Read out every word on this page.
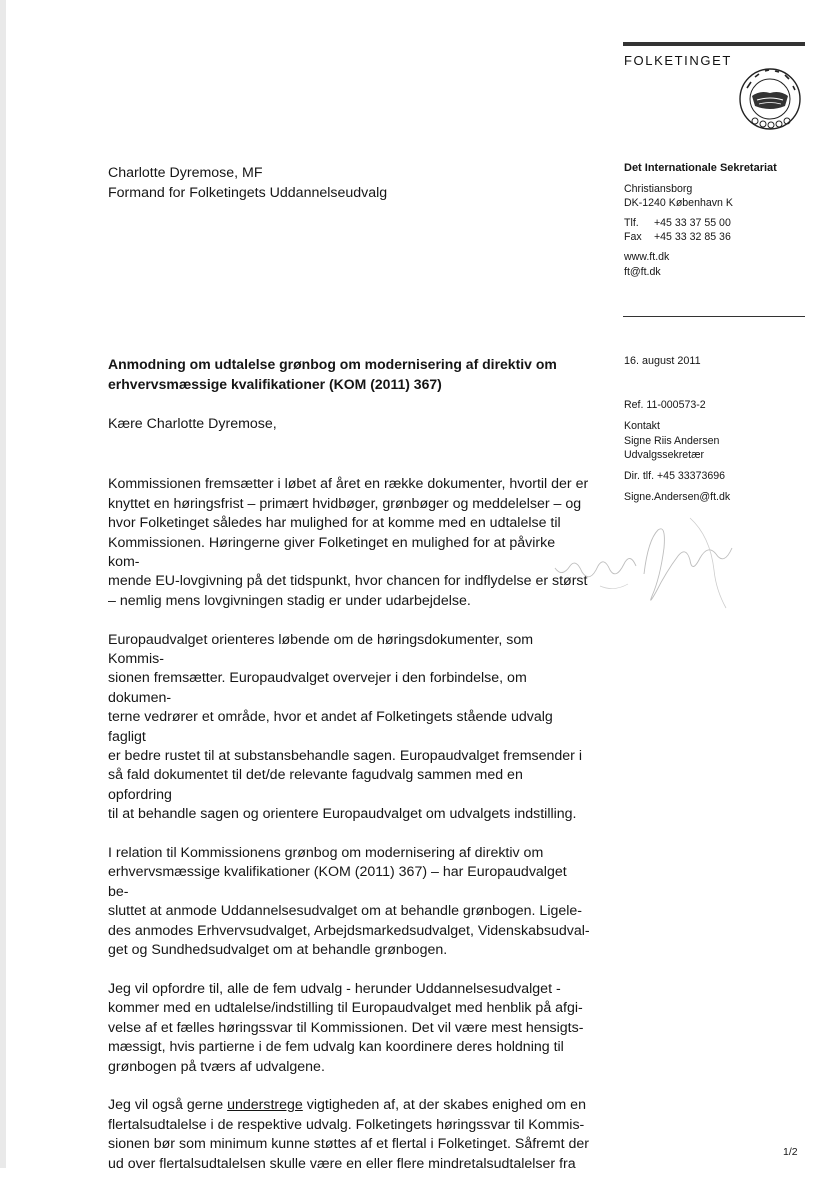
FOLKETINGET
Charlotte Dyremose, MF
Formand for Folketingets Uddannelseudvalg
Det Internationale Sekretariat
Christiansborg
DK-1240 København K
Tlf. +45 33 37 55 00
Fax +45 33 32 85 36
www.ft.dk
ft@ft.dk
16. august 2011
Ref. 11-000573-2
Kontakt
Signe Riis Andersen
Udvalgssekretær
Dir. tlf. +45 33373696
Signe.Andersen@ft.dk
Anmodning om udtalelse grønbog om modernisering af direktiv om
erhvervsmæssige kvalifikationer (KOM (2011) 367)
Kære Charlotte Dyremose,

Kommissionen fremsætter i løbet af året en række dokumenter, hvortil der er
knyttet en høringsfrist – primært hvidbøger, grønbøger og meddelelser – og
hvor Folketinget således har mulighed for at komme med en udtalelse til
Kommissionen. Høringerne giver Folketinget en mulighed for at påvirke kom-
mende EU-lovgivning på det tidspunkt, hvor chancen for indflydelse er størst
– nemlig mens lovgivningen stadig er under udarbejdelse.

Europaudvalget orienteres løbende om de høringsdokumenter, som Kommis-
sionen fremsætter. Europaudvalget overvejer i den forbindelse, om dokumen-
terne vedrører et område, hvor et andet af Folketingets stående udvalg fagligt
er bedre rustet til at substansbehandle sagen. Europaudvalget fremsender i
så fald dokumentet til det/de relevante fagudvalg sammen med en opfordring
til at behandle sagen og orientere Europaudvalget om udvalgets indstilling.

I relation til Kommissionens grønbog om modernisering af direktiv om
erhvervsmæssige kvalifikationer (KOM (2011) 367) – har Europaudvalget be-
sluttet at anmode Uddannelsesudvalget om at behandle grønbogen. Ligele-
des anmodes Erhvervsudvalget, Arbejdsmarkedsudvalget, Videnskabsudval-
get og Sundhedsudvalget om at behandle grønbogen.

Jeg vil opfordre til, alle de fem udvalg - herunder Uddannelsesudvalget -
kommer med en udtalelse/indstilling til Europaudvalget med henblik på afgi-
velse af et fælles høringssvar til Kommissionen. Det vil være mest hensigts-
mæssigt, hvis partierne i de fem udvalg kan koordinere deres holdning til
grønbogen på tværs af udvalgene.

Jeg vil også gerne understrege vigtigheden af, at der skabes enighed om en
flertalsudtalelse i de respektive udvalg. Folketingets høringssvar til Kommis-
sionen bør som minimum kunne støttes af et flertal i Folketinget. Såfremt der
ud over flertalsudtalelsen skulle være en eller flere mindretalsudtalelser fra

1/2
